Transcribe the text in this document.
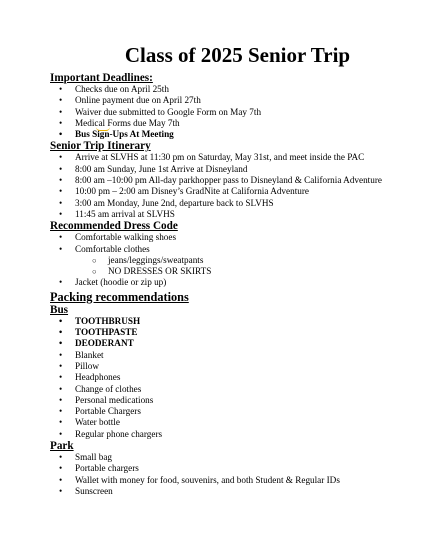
Class of 2025 Senior Trip
Important Deadlines:
• Checks due on April 25th
• Online payment due on April 27th
• Waiver due submitted to Google Form on May 7th
• Medical Forms due May 7th
• Bus Sign-Ups At Meeting
Senior Trip Itinerary
• Arrive at SLVHS at 11:30 pm on Saturday, May 31st, and meet inside the PAC
• 8:00 am Sunday, June 1st Arrive at Disneyland
• 8:00 am –10:00 pm All-day parkhopper pass to Disneyland & California Adventure
• 10:00 pm – 2:00 am Disney’s GradNite at California Adventure
• 3:00 am Monday, June 2nd, departure back to SLVHS
• 11:45 am arrival at SLVHS
Recommended Dress Code
• Comfortable walking shoes
• Comfortable clothes
○ jeans/leggings/sweatpants
○ NO DRESSES OR SKIRTS
• Jacket (hoodie or zip up)
Packing recommendations
Bus
• TOOTHBRUSH
• TOOTHPASTE
• DEODERANT
• Blanket
• Pillow
• Headphones
• Change of clothes
• Personal medications
• Portable Chargers
• Water bottle
• Regular phone chargers
Park
• Small bag
• Portable chargers
• Wallet with money for food, souvenirs, and both Student & Regular IDs
• Sunscreen
